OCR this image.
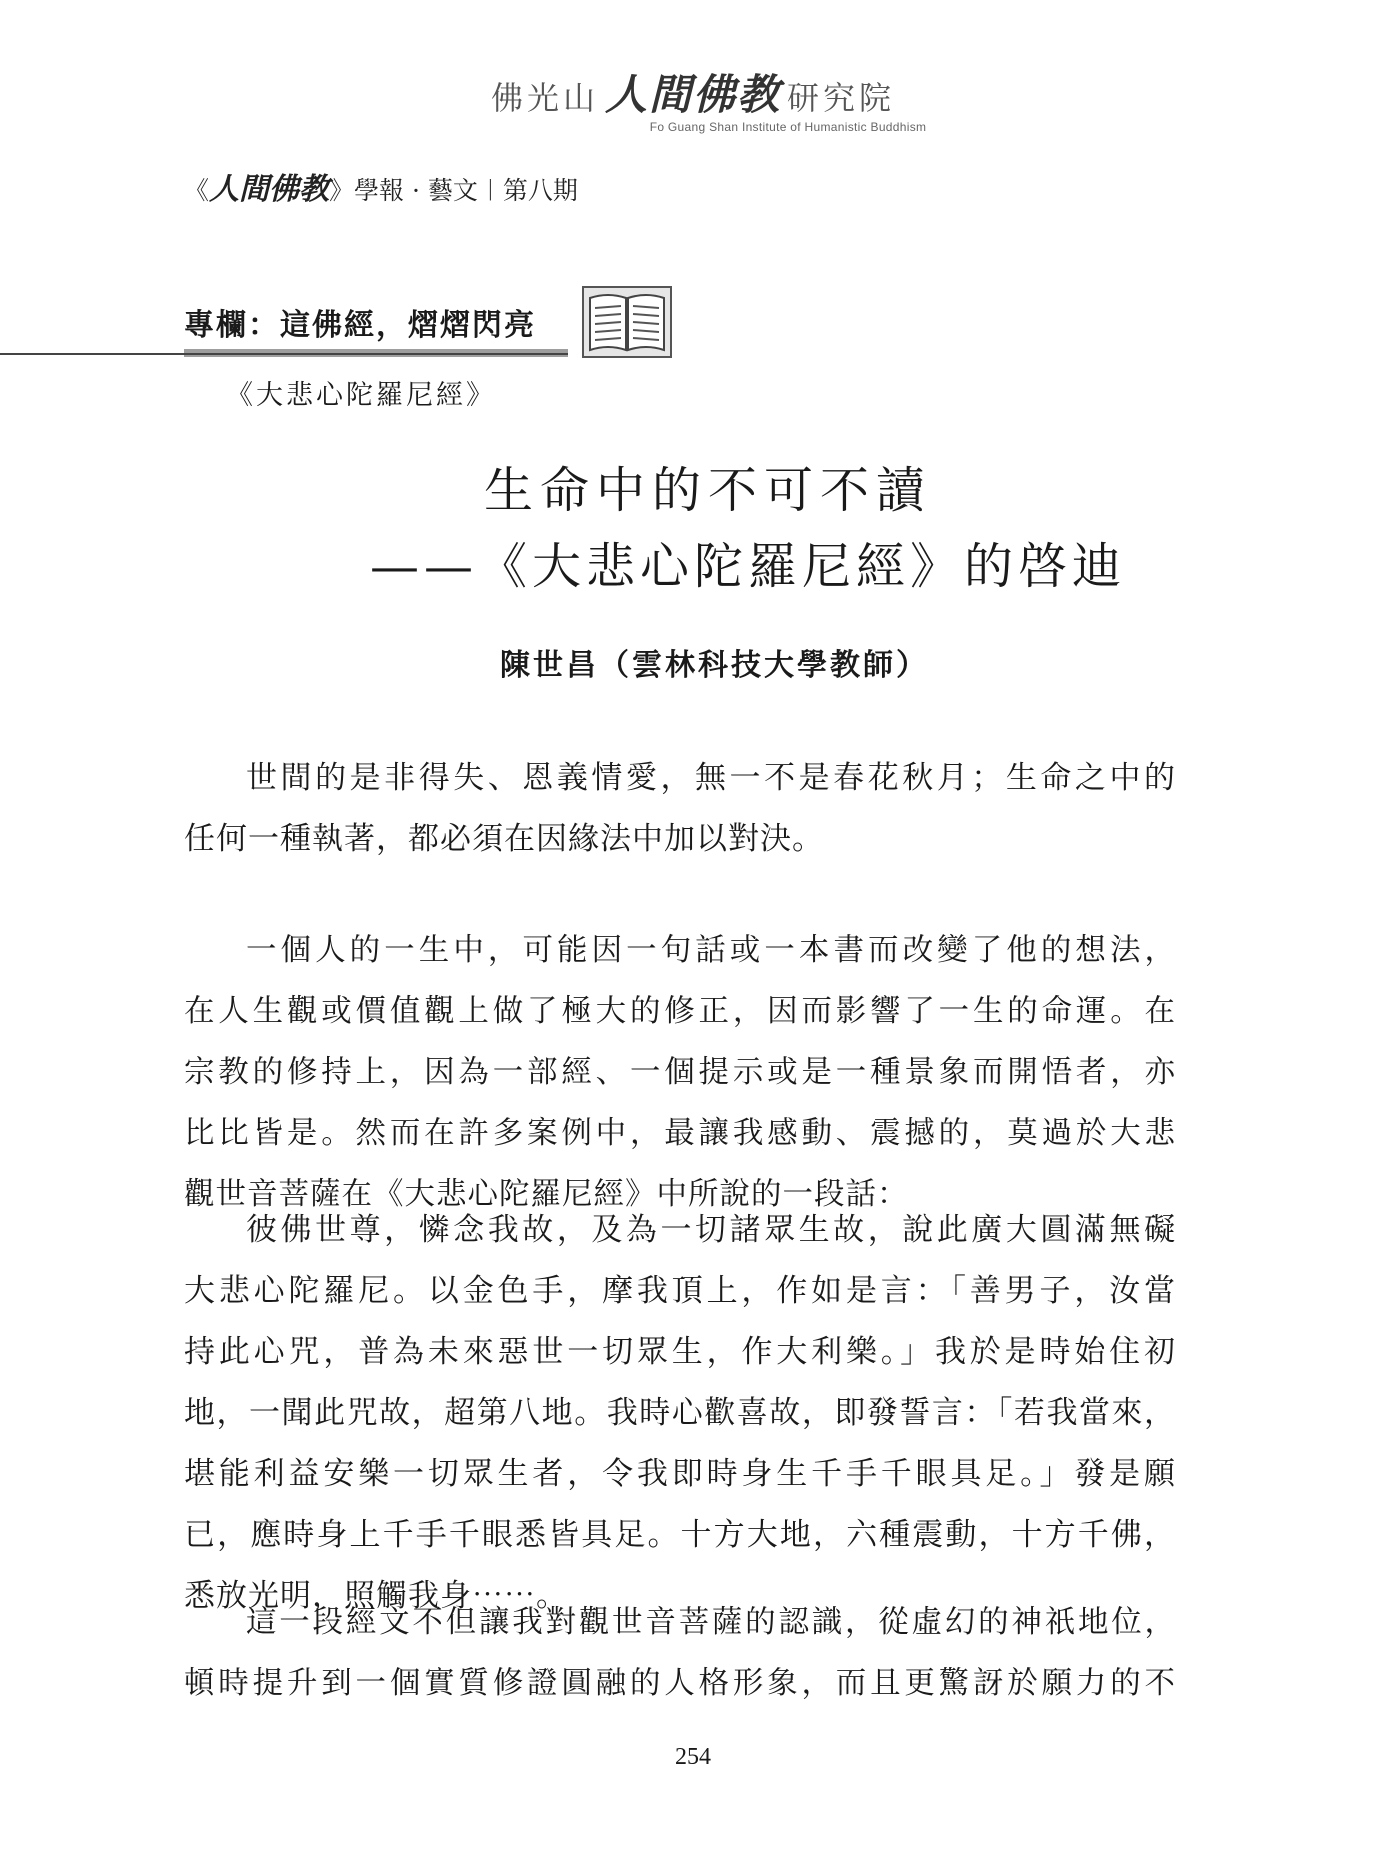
佛光山 人間佛教 研究院
Fo Guang Shan Institute of Humanistic Buddhism
《人間佛教》學報 · 藝文︱第八期
專欄：這佛經，熠熠閃亮
《大悲心陀羅尼經》
生命中的不可不讀
——《大悲心陀羅尼經》的啓迪
陳世昌（雲林科技大學教師）
世間的是非得失、恩義情愛，無一不是春花秋月；生命之中的
任何一種執著，都必須在因緣法中加以對決。
一個人的一生中，可能因一句話或一本書而改變了他的想法，
在人生觀或價值觀上做了極大的修正，因而影響了一生的命運。在
宗教的修持上，因為一部經、一個提示或是一種景象而開悟者，亦
比比皆是。然而在許多案例中，最讓我感動、震撼的，莫過於大悲
觀世音菩薩在《大悲心陀羅尼經》中所說的一段話：
彼佛世尊，憐念我故，及為一切諸眾生故，說此廣大圓滿無礙
大悲心陀羅尼。以金色手，摩我頂上，作如是言：「善男子，汝當
持此心咒，普為未來惡世一切眾生，作大利樂。」我於是時始住初
地，一聞此咒故，超第八地。我時心歡喜故，即發誓言：「若我當來，
堪能利益安樂一切眾生者，令我即時身生千手千眼具足。」發是願
已，應時身上千手千眼悉皆具足。十方大地，六種震動，十方千佛，
悉放光明，照觸我身⋯⋯。
這一段經文不但讓我對觀世音菩薩的認識，從虛幻的神祇地位，
頓時提升到一個實質修證圓融的人格形象，而且更驚訝於願力的不
254
